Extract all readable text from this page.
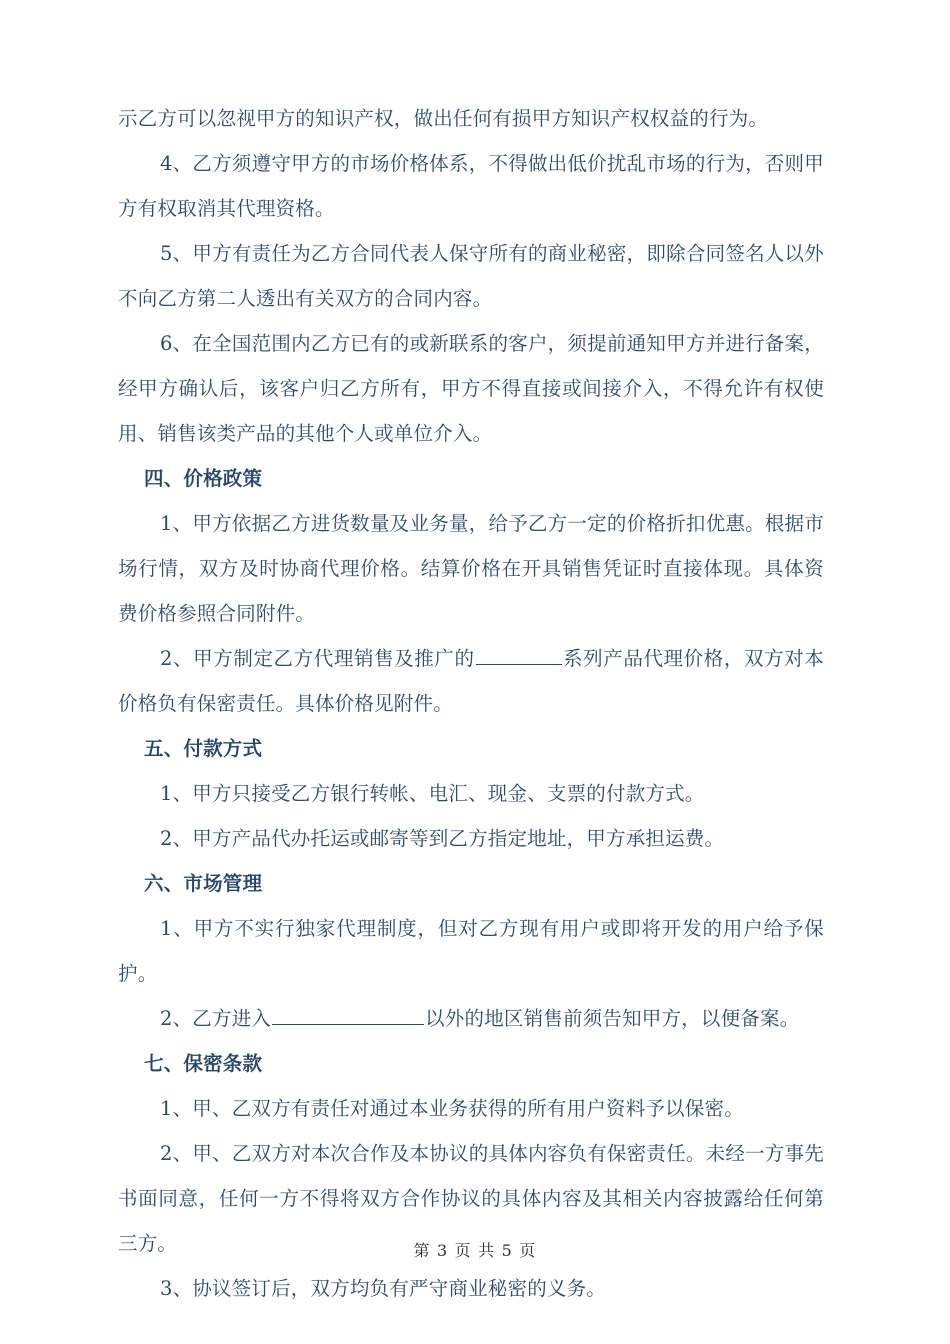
示乙方可以忽视甲方的知识产权，做出任何有损甲方知识产权权益的行为。

4、乙方须遵守甲方的市场价格体系，不得做出低价扰乱市场的行为，否则甲方有权取消其代理资格。

5、甲方有责任为乙方合同代表人保守所有的商业秘密，即除合同签名人以外不向乙方第二人透出有关双方的合同内容。

6、在全国范围内乙方已有的或新联系的客户，须提前通知甲方并进行备案，经甲方确认后，该客户归乙方所有，甲方不得直接或间接介入，不得允许有权使用、销售该类产品的其他个人或单位介入。

四、价格政策

1、甲方依据乙方进货数量及业务量，给予乙方一定的价格折扣优惠。根据市场行情，双方及时协商代理价格。结算价格在开具销售凭证时直接体现。具体资费价格参照合同附件。

2、甲方制定乙方代理销售及推广的	系列产品代理价格，双方对本价格负有保密责任。具体价格见附件。

五、付款方式

1、甲方只接受乙方银行转帐、电汇、现金、支票的付款方式。

2、甲方产品代办托运或邮寄等到乙方指定地址，甲方承担运费。

六、市场管理

1、甲方不实行独家代理制度，但对乙方现有用户或即将开发的用户给予保护。

2、乙方进入	以外的地区销售前须告知甲方，以便备案。

七、保密条款

1、甲、乙双方有责任对通过本业务获得的所有用户资料予以保密。

2、甲、乙双方对本次合作及本协议的具体内容负有保密责任。未经一方事先书面同意，任何一方不得将双方合作协议的具体内容及其相关内容披露给任何第三方。

3、协议签订后，双方均负有严守商业秘密的义务。

第 3 页 共 5 页
